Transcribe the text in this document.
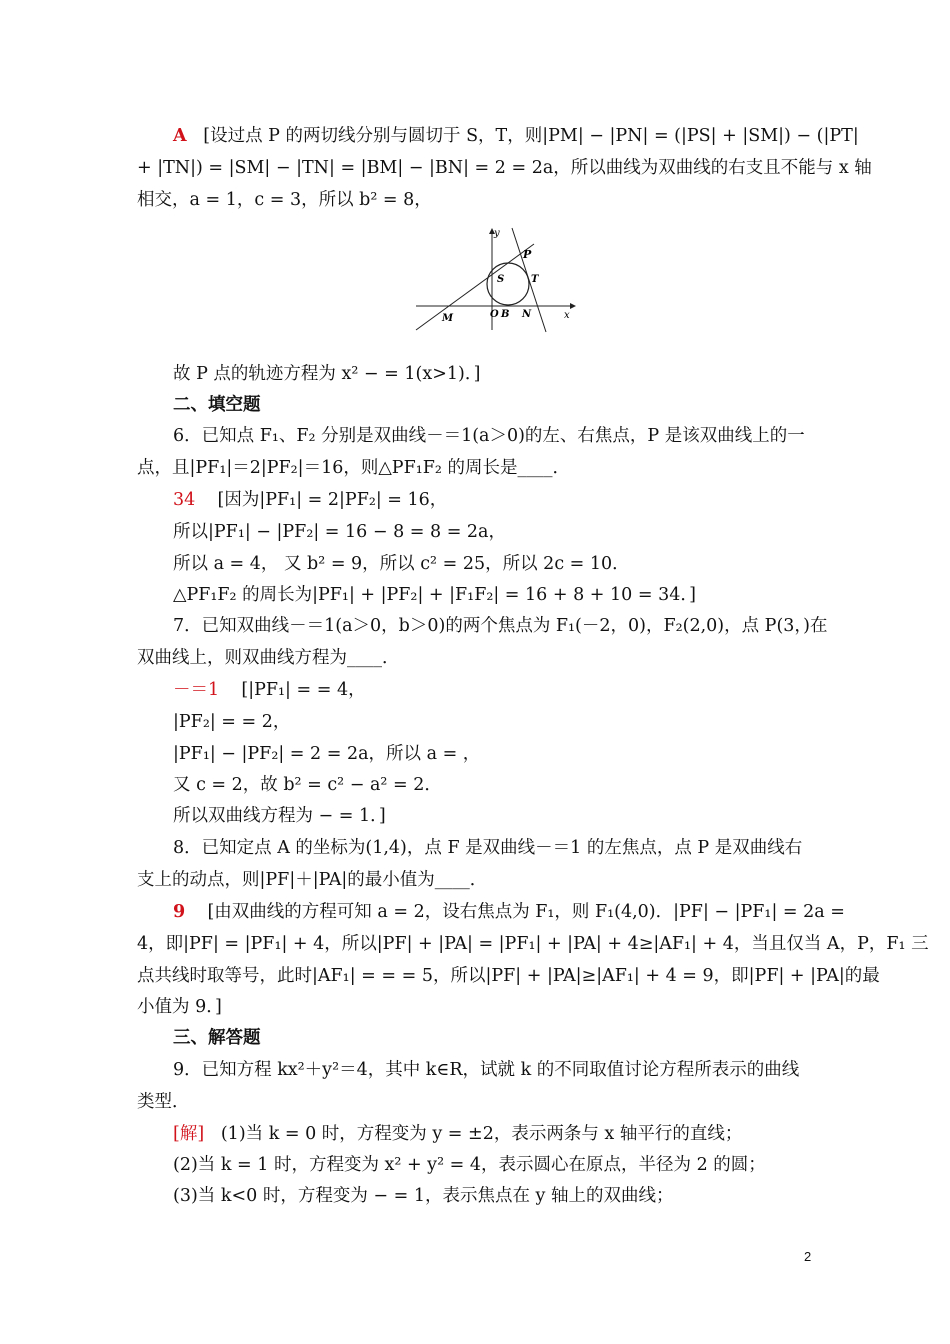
A [设过点 P 的两切线分别与圆切于 S，T，则|PM| − |PN| = (|PS| + |SM|) − (|PT|
+ |TN|) = |SM| − |TN| = |BM| − |BN| = 2 = 2a，所以曲线为双曲线的右支且不能与 x 轴
相交，a = 1，c = 3，所以 b² = 8，
y
x
P
S	T
M	O B N
故 P 点的轨迹方程为 x² − = 1(x>1)．]
二、填空题
6．已知点 F₁、F₂ 分别是双曲线－＝1(a＞0)的左、右焦点，P 是该双曲线上的一
点，且|PF₁|＝2|PF₂|＝16，则△PF₁F₂ 的周长是____．
34 [因为|PF₁| = 2|PF₂| = 16，
所以|PF₁| − |PF₂| = 16 − 8 = 8 = 2a，
所以 a = 4， 又 b² = 9，所以 c² = 25，所以 2c = 10．
△PF₁F₂ 的周长为|PF₁| + |PF₂| + |F₁F₂| = 16 + 8 + 10 = 34．]
7．已知双曲线－＝1(a＞0，b＞0)的两个焦点为 F₁(－2，0)，F₂(2,0)，点 P(3，)在
双曲线上，则双曲线方程为____．
－＝1 [|PF₁| = = 4，
|PF₂| = = 2，
|PF₁| − |PF₂| = 2 = 2a，所以 a = ，
又 c = 2，故 b² = c² − a² = 2．
所以双曲线方程为 − = 1．]
8．已知定点 A 的坐标为(1,4)，点 F 是双曲线－＝1 的左焦点，点 P 是双曲线右
支上的动点，则|PF|＋|PA|的最小值为____．
9 [由双曲线的方程可知 a = 2，设右焦点为 F₁，则 F₁(4,0)．|PF| − |PF₁| = 2a =
4，即|PF| = |PF₁| + 4，所以|PF| + |PA| = |PF₁| + |PA| + 4≥|AF₁| + 4，当且仅当 A，P，F₁ 三
点共线时取等号，此时|AF₁| = = = 5，所以|PF| + |PA|≥|AF₁| + 4 = 9，即|PF| + |PA|的最
小值为 9．]
三、解答题
9．已知方程 kx²＋y²＝4，其中 k∈R，试就 k 的不同取值讨论方程所表示的曲线
类型．
[解] (1)当 k = 0 时，方程变为 y = ±2，表示两条与 x 轴平行的直线；
(2)当 k = 1 时，方程变为 x² + y² = 4，表示圆心在原点，半径为 2 的圆；
(3)当 k<0 时，方程变为 − = 1，表示焦点在 y 轴上的双曲线；
2
